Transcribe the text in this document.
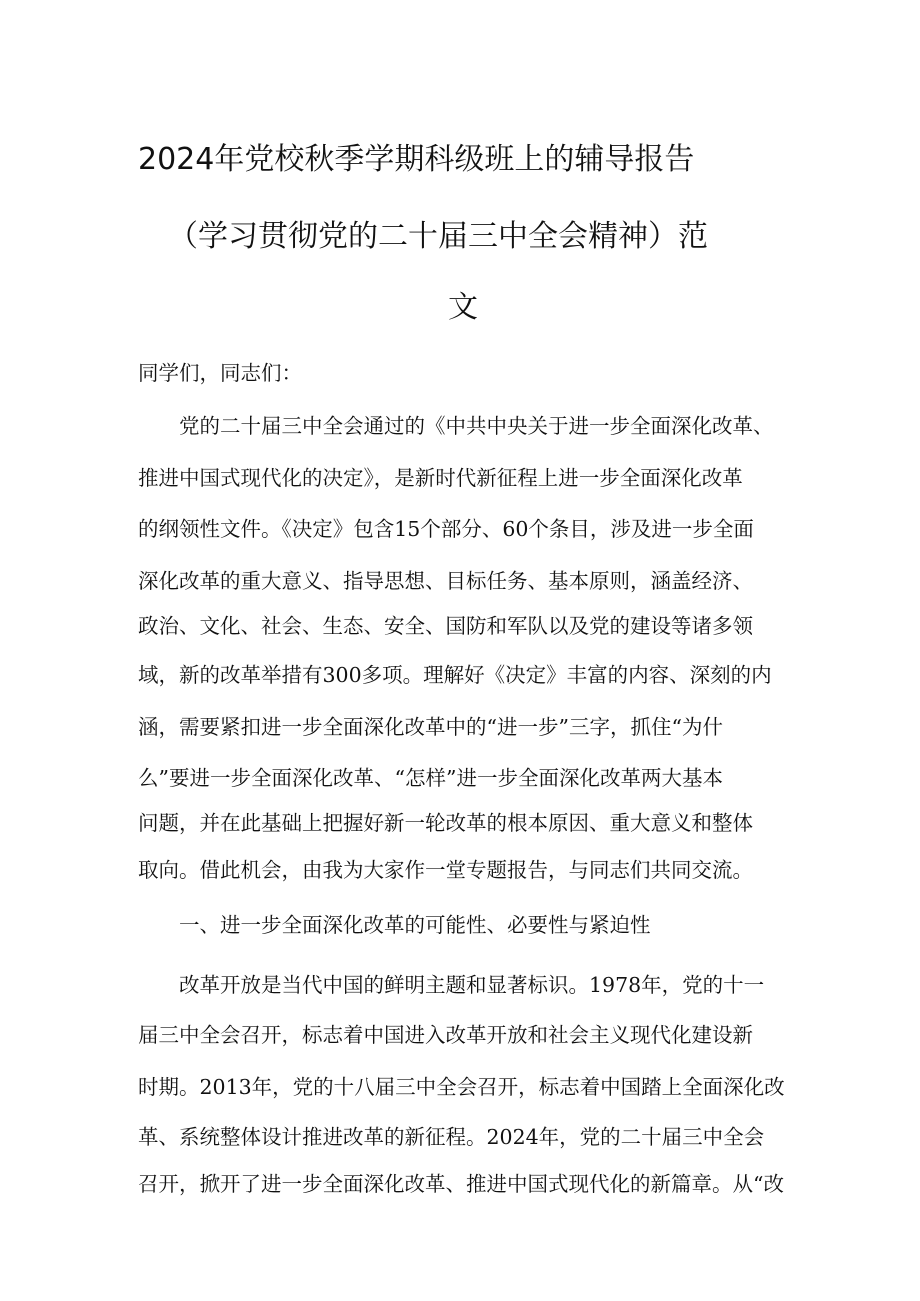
2024年党校秋季学期科级班上的辅导报告
（学习贯彻党的二十届三中全会精神）范
文
同学们，同志们：
　　党的二十届三中全会通过的《中共中央关于进一步全面深化改革、
推进中国式现代化的决定》，是新时代新征程上进一步全面深化改革
的纲领性文件。《决定》包含15个部分、60个条目，涉及进一步全面
深化改革的重大意义、指导思想、目标任务、基本原则，涵盖经济、
政治、文化、社会、生态、安全、国防和军队以及党的建设等诸多领
域，新的改革举措有300多项。理解好《决定》丰富的内容、深刻的内
涵，需要紧扣进一步全面深化改革中的“进一步”三字，抓住“为什
么”要进一步全面深化改革、“怎样”进一步全面深化改革两大基本
问题，并在此基础上把握好新一轮改革的根本原因、重大意义和整体
取向。借此机会，由我为大家作一堂专题报告，与同志们共同交流。
　　一、进一步全面深化改革的可能性、必要性与紧迫性
　　改革开放是当代中国的鲜明主题和显著标识。1978年，党的十一
届三中全会召开，标志着中国进入改革开放和社会主义现代化建设新
时期。2013年，党的十八届三中全会召开，标志着中国踏上全面深化改
革、系统整体设计推进改革的新征程。2024年，党的二十届三中全会
召开，掀开了进一步全面深化改革、推进中国式现代化的新篇章。从“改
